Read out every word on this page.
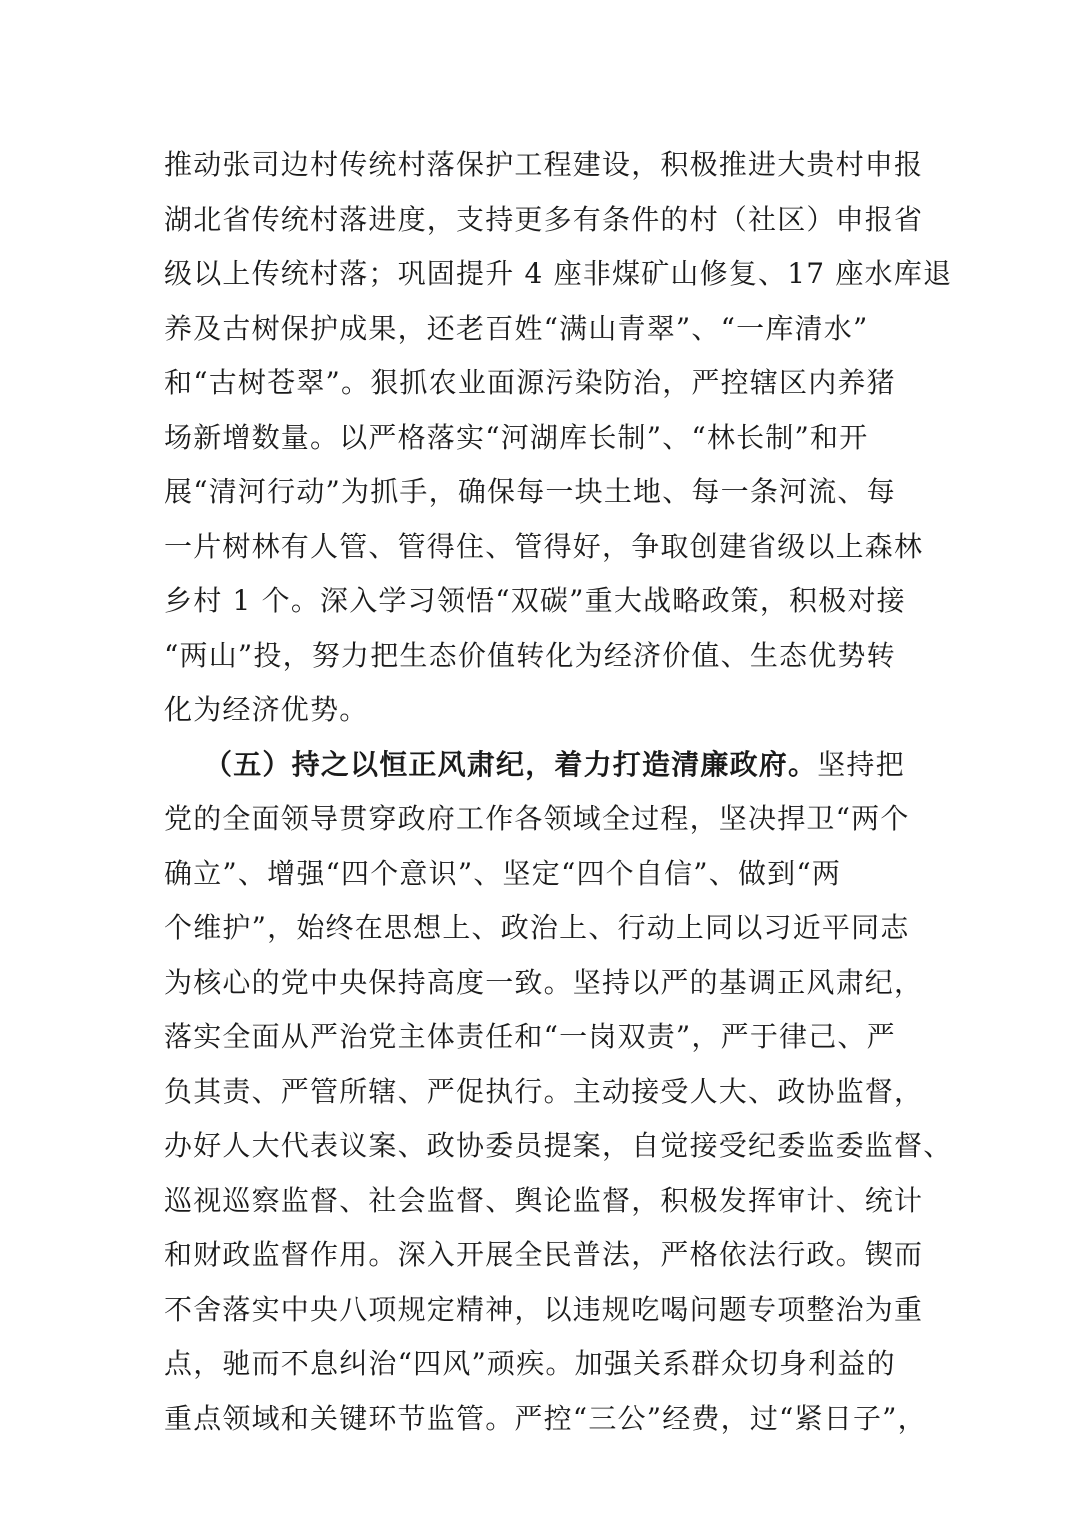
推动张司边村传统村落保护工程建设，积极推进大贵村申报
湖北省传统村落进度，支持更多有条件的村（社区）申报省
级以上传统村落；巩固提升 4 座非煤矿山修复、17 座水库退
养及古树保护成果，还老百姓“满山青翠”、“一库清水”
和“古树苍翠”。狠抓农业面源污染防治，严控辖区内养猪
场新增数量。以严格落实“河湖库长制”、“林长制”和开
展“清河行动”为抓手，确保每一块土地、每一条河流、每
一片树林有人管、管得住、管得好，争取创建省级以上森林
乡村 1 个。深入学习领悟“双碳”重大战略政策，积极对接
“两山”投，努力把生态价值转化为经济价值、生态优势转
化为经济优势。
（五）持之以恒正风肃纪，着力打造清廉政府。坚持把
党的全面领导贯穿政府工作各领域全过程，坚决捍卫“两个
确立”、增强“四个意识”、坚定“四个自信”、做到“两
个维护”，始终在思想上、政治上、行动上同以习近平同志
为核心的党中央保持高度一致。坚持以严的基调正风肃纪，
落实全面从严治党主体责任和“一岗双责”，严于律己、严
负其责、严管所辖、严促执行。主动接受人大、政协监督，
办好人大代表议案、政协委员提案，自觉接受纪委监委监督、
巡视巡察监督、社会监督、舆论监督，积极发挥审计、统计
和财政监督作用。深入开展全民普法，严格依法行政。锲而
不舍落实中央八项规定精神，以违规吃喝问题专项整治为重
点，驰而不息纠治“四风”顽疾。加强关系群众切身利益的
重点领域和关键环节监管。严控“三公”经费，过“紧日子”，
